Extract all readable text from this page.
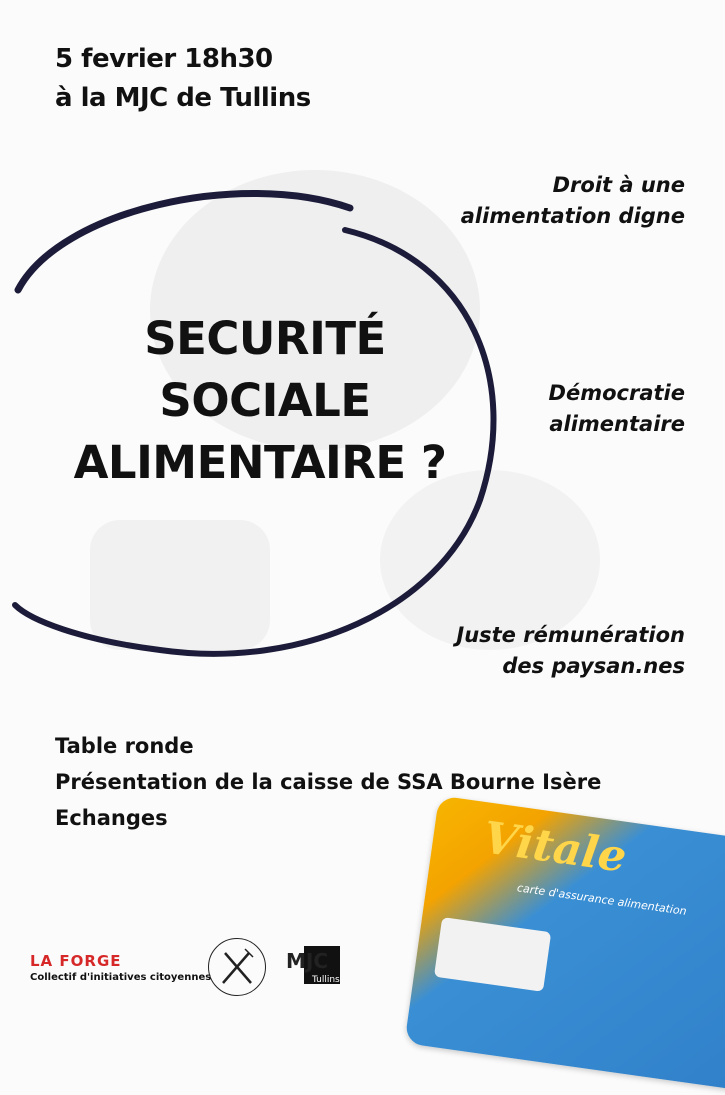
5 fevrier 18h30
à la MJC de Tullins
Droit à une
alimentation digne
Démocratie
alimentaire
Juste rémunération
des paysan.nes
SECURITÉ
SOCIALE
ALIMENTAIRE ?
Table ronde
Présentation de la caisse de SSA Bourne Isère
Echanges	Vitale
carte d'assurance alimentation
LA FORGE
Collectif d'initiatives citoyennes
MJC
Tullins
